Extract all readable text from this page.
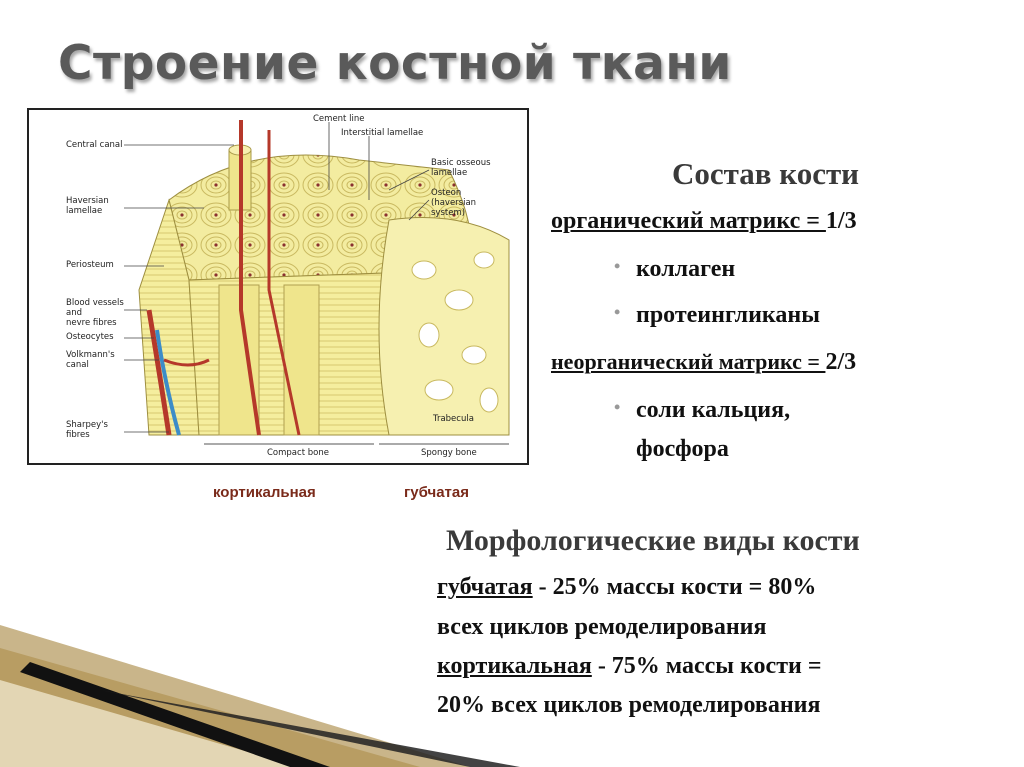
Строение костной ткани
Cement line
Interstitial lamellae
Central canal
Basic osseous
lamellae
Osteon
(haversian
system)
Haversian
lamellae
Periosteum
Blood vessels
and
nevre fibres
Osteocytes
Volkmann's
canal
Sharpey's
fibres
Trabecula
Compact bone	Spongy bone
кортикальная	губчатая
Состав кости
органический матрикс = 1/3
• коллаген
• протеингликаны
неорганический матрикс = 2/3
• соли кальция,
фосфора
Морфологические виды кости
губчатая - 25% массы кости = 80%
всех циклов ремоделирования
кортикальная - 75% массы кости =
20% всех циклов ремоделирования
